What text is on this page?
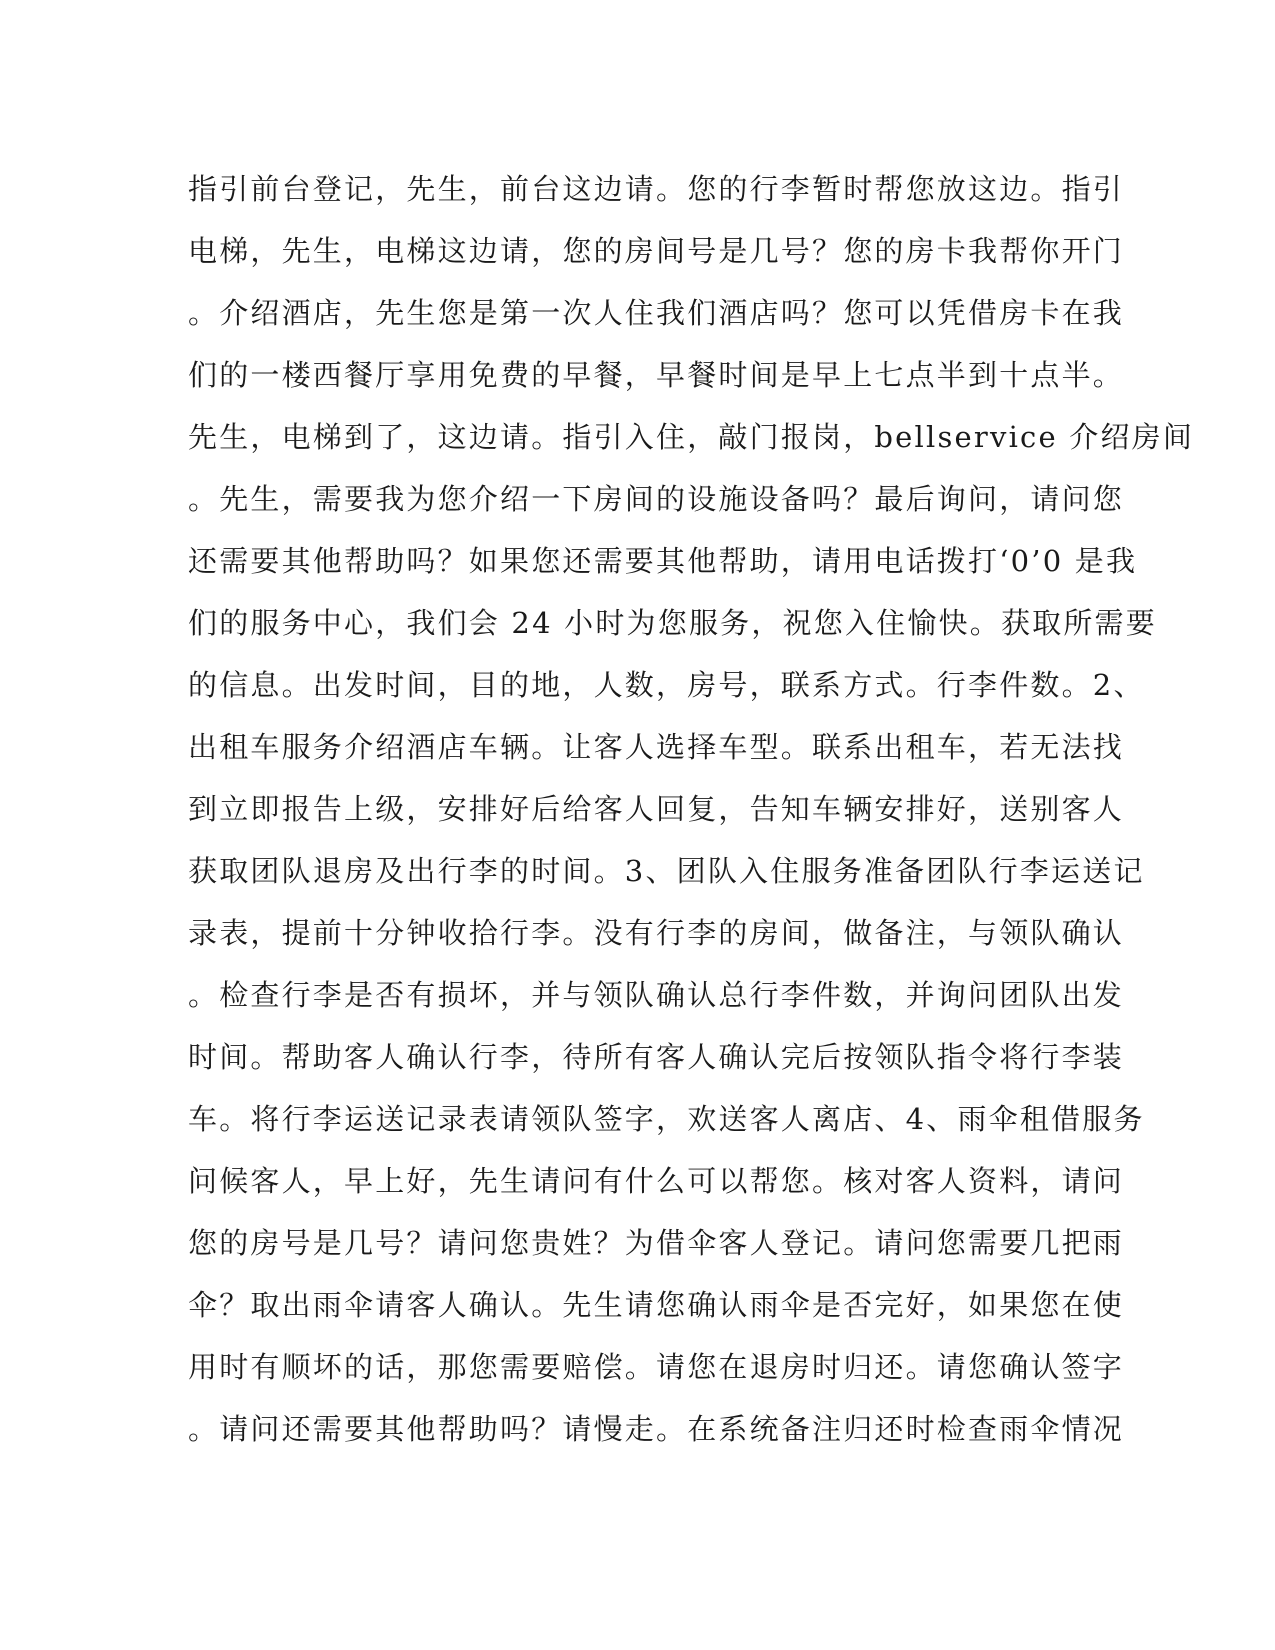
指引前台登记，先生，前台这边请。您的行李暂时帮您放这边。指引
电梯，先生，电梯这边请，您的房间号是几号？您的房卡我帮你开门
。介绍酒店，先生您是第一次人住我们酒店吗？您可以凭借房卡在我
们的一楼西餐厅享用免费的早餐，早餐时间是早上七点半到十点半。
先生，电梯到了，这边请。指引入住，敲门报岗，bellservice 介绍房间
。先生，需要我为您介绍一下房间的设施设备吗？最后询问，请问您
还需要其他帮助吗？如果您还需要其他帮助，请用电话拨打‘0’0 是我
们的服务中心，我们会 24 小时为您服务，祝您入住愉快。获取所需要
的信息。出发时间，目的地，人数，房号，联系方式。行李件数。2、
出租车服务介绍酒店车辆。让客人选择车型。联系出租车，若无法找
到立即报告上级，安排好后给客人回复，告知车辆安排好，送别客人
获取团队退房及出行李的时间。3、团队入住服务准备团队行李运送记
录表，提前十分钟收拾行李。没有行李的房间，做备注，与领队确认
。检查行李是否有损坏，并与领队确认总行李件数，并询问团队出发
时间。帮助客人确认行李，待所有客人确认完后按领队指令将行李装
车。将行李运送记录表请领队签字，欢送客人离店、4、雨伞租借服务
问候客人，早上好，先生请问有什么可以帮您。核对客人资料，请问
您的房号是几号？请问您贵姓？为借伞客人登记。请问您需要几把雨
伞？取出雨伞请客人确认。先生请您确认雨伞是否完好，如果您在使
用时有顺坏的话，那您需要赔偿。请您在退房时归还。请您确认签字
。请问还需要其他帮助吗？请慢走。在系统备注归还时检查雨伞情况
